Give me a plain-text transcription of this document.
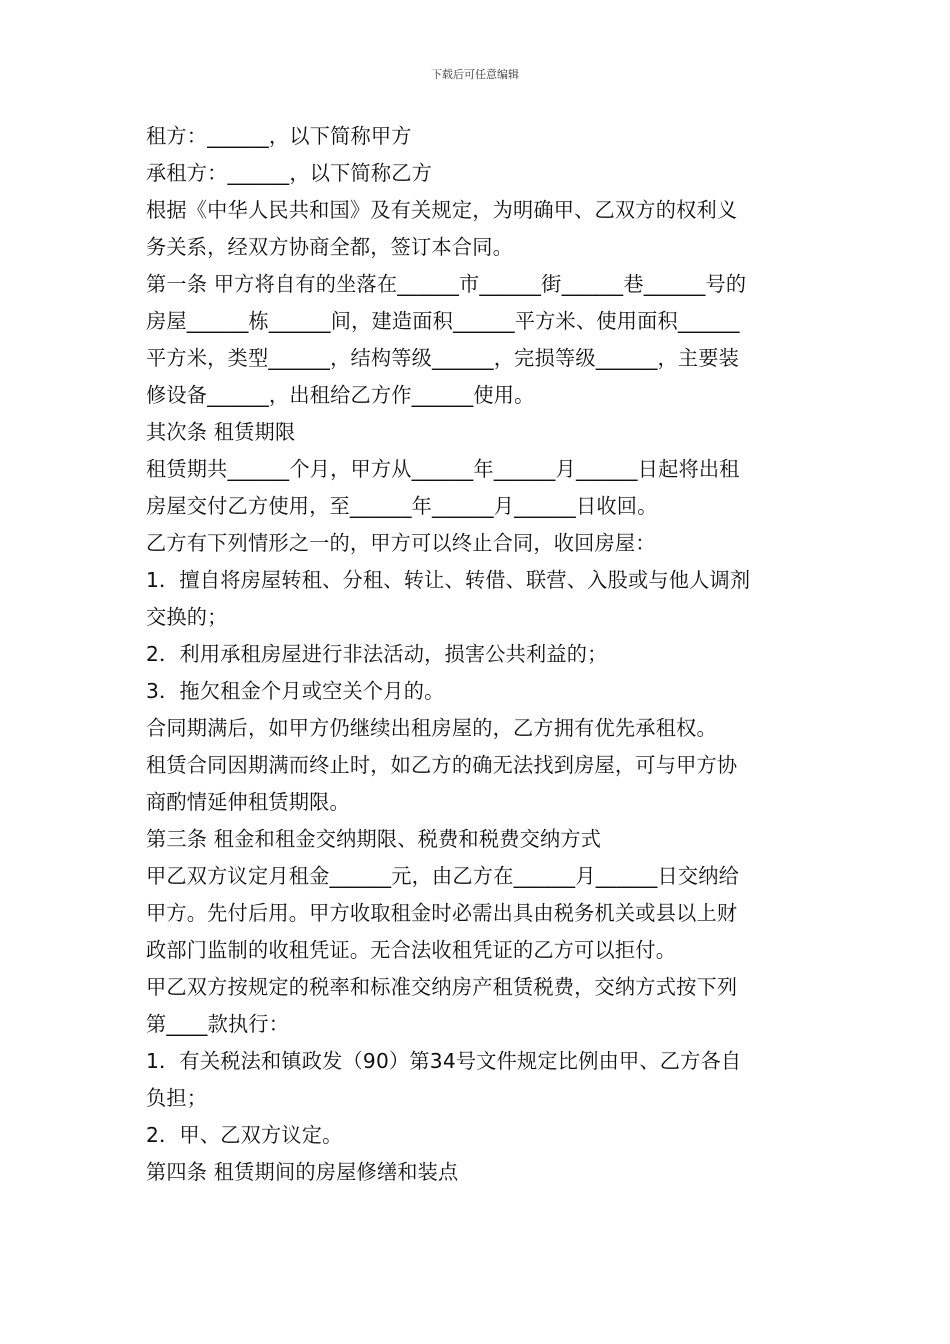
下载后可任意编辑
租方：______，以下简称甲方
承租方：______，以下简称乙方
根据《中华人民共和国》及有关规定，为明确甲、乙双方的权利义
务关系，经双方协商全都，签订本合同。
第一条 甲方将自有的坐落在______市______街______巷______号的
房屋______栋______间，建造面积______平方米、使用面积______
平方米，类型______，结构等级______，完损等级______，主要装
修设备______，出租给乙方作______使用。
其次条 租赁期限
租赁期共______个月，甲方从______年______月______日起将出租
房屋交付乙方使用，至______年______月______日收回。
乙方有下列情形之一的，甲方可以终止合同，收回房屋：
1．擅自将房屋转租、分租、转让、转借、联营、入股或与他人调剂
交换的；
2．利用承租房屋进行非法活动，损害公共利益的；
3．拖欠租金个月或空关个月的。
合同期满后，如甲方仍继续出租房屋的，乙方拥有优先承租权。
租赁合同因期满而终止时，如乙方的确无法找到房屋，可与甲方协
商酌情延伸租赁期限。
第三条 租金和租金交纳期限、税费和税费交纳方式
甲乙双方议定月租金______元，由乙方在______月______日交纳给
甲方。先付后用。甲方收取租金时必需出具由税务机关或县以上财
政部门监制的收租凭证。无合法收租凭证的乙方可以拒付。
甲乙双方按规定的税率和标准交纳房产租赁税费，交纳方式按下列
第____款执行：
1．有关税法和镇政发（90）第34号文件规定比例由甲、乙方各自
负担；
2．甲、乙双方议定。
第四条 租赁期间的房屋修缮和装点
